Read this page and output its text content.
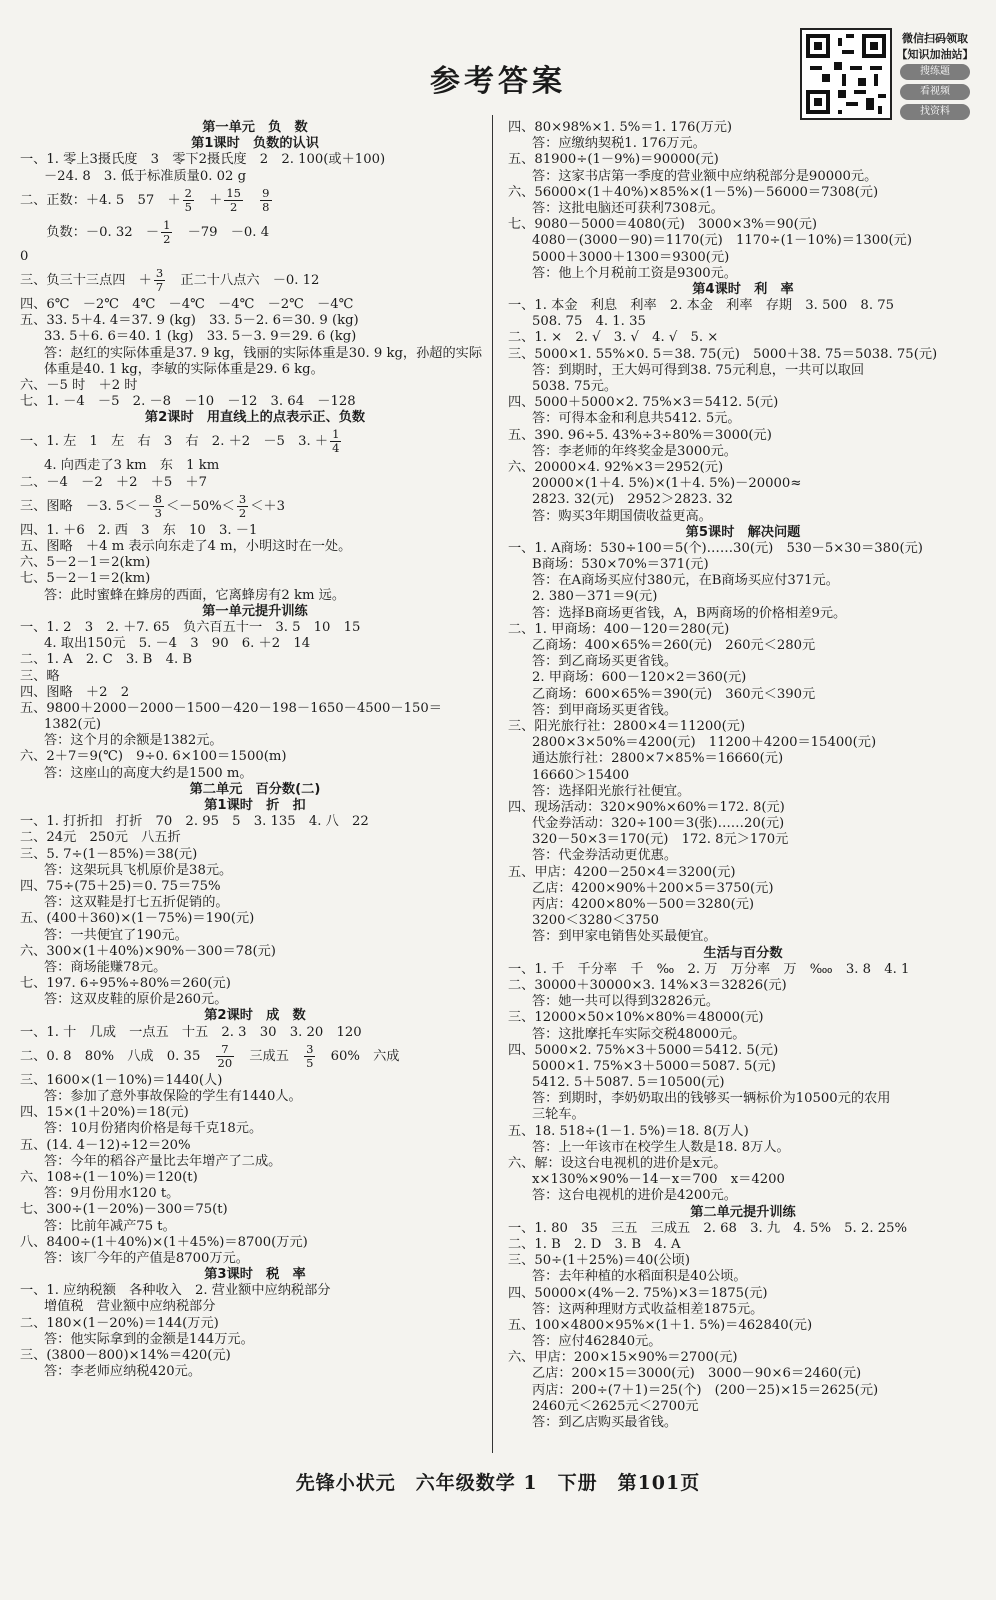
参考答案
微信扫码领取
【知识加油站】
搜练题
看视频
找资料
第一单元　负　数
第1课时　负数的认识
一、1. 零上3摄氏度　3　零下2摄氏度　2　2. 100(或＋100)
－24. 8　3. 低于标准质量0. 02 g
二、正数：＋4. 5　57　＋ $\frac{2}{5}$ 　＋ $\frac{15}{2}$
　 $\frac{9}{8}$
　　负数：－0. 32　－ $\frac{1}{2}$ 　－79　－0. 4
0
三、负三十三点四　＋ $\frac{3}{7}$ 　正二十八点六　－0. 12
四、6℃　－2℃　4℃　－4℃　－4℃　－2℃　－4℃
五、33. 5＋4. 4＝37. 9 (kg)　33. 5－2. 6＝30. 9 (kg)
33. 5＋6. 6＝40. 1 (kg)　33. 5－3. 9＝29. 6 (kg)
答：赵红的实际体重是37. 9 kg，钱丽的实际体重是30. 9 kg，孙超的实际
体重是40. 1 kg，李敏的实际体重是29. 6 kg。
六、－5 时　＋2 时
七、1. －4　－5　2. －8　－10　－12　3. 64　－128
第2课时　用直线上的点表示正、负数
一、1. 左　1　左　右　3　右　2. ＋2　－5　3. ＋ $\frac{1}{4}$
4. 向西走了3 km　东　1 km
二、－4　－2　＋2　＋5　＋7
三、图略　－3. $5<- \frac{8}{3} <-50\%< \frac{3}{2} <+3$
四、1. ＋6　2. 西　3　东　10　3. －1
五、图略　＋4 m 表示向东走了4 m，小明这时在一处。
六、5－2－1＝2(km)
七、5－2－1＝2(km)
答：此时蜜蜂在蜂房的西面，它离蜂房有2 km 远。
第一单元提升训练
一、1. 2　3　2. ＋7. 65　负六百五十一　3. 5　10　15
4. 取出150元　5. －4　3　90　6. ＋2　14
二、1. A　2. C　3. B　4. B
三、略
四、图略　＋2　2
五、9800＋2000－2000－1500－420－198－1650－4500－150＝
1382(元)
答：这个月的余额是1382元。
六、2＋7＝9(℃)　9÷0. 6×100＝1500(m)
答：这座山的高度大约是1500 m。
第二单元　百分数(二)
第1课时　折　扣
一、1. 打折扣　打折　70　2. 95　5　3. 135　4. 八　22
二、24元　250元　八五折
三、5. 7÷(1－85%)＝38(元)
答：这架玩具飞机原价是38元。
四、75÷(75＋25)＝0. 75＝75%
答：这双鞋是打七五折促销的。
五、(400＋360)×(1－75%)＝190(元)
答：一共便宜了190元。
六、300×(1＋40%)×90%－300＝78(元)
答：商场能赚78元。
七、197. 6÷95%÷80%＝260(元)
答：这双皮鞋的原价是260元。
第2课时　成　数
一、1. 十　几成　一点五　十五　2. 3　30　3. 20　120
二、0. 8　80%　八成　0. 35　 $\frac{7}{20}$ 　三成五　 $\frac{3}{5}$ 　60%　六成
三、1600×(1－10%)＝1440(人)
答：参加了意外事故保险的学生有1440人。
四、15×(1＋20%)＝18(元)
答：10月份猪肉价格是每千克18元。
五、(14. 4－12)÷12＝20%
答：今年的稻谷产量比去年增产了二成。
六、108÷(1－10%)＝120(t)
答：9月份用水120 t。
七、300÷(1－20%)－300＝75(t)
答：比前年减产75 t。
八、8400÷(1＋40%)×(1＋45%)＝8700(万元)
答：该厂今年的产值是8700万元。
第3课时　税　率
一、1. 应纳税额　各种收入　2. 营业额中应纳税部分
增值税　营业额中应纳税部分
二、180×(1－20%)＝144(万元)
答：他实际拿到的金额是144万元。
三、(3800－800)×14%＝420(元)
答：李老师应纳税420元。
四、80×98%×1. 5%＝1. 176(万元)
答：应缴纳契税1. 176万元。
五、81900÷(1－9%)＝90000(元)
答：这家书店第一季度的营业额中应纳税部分是90000元。
六、56000×(1＋40%)×85%×(1－5%)－56000＝7308(元)
答：这批电脑还可获利7308元。
七、9080－5000＝4080(元)　3000×3%＝90(元)
4080－(3000－90)＝1170(元)　1170÷(1－10%)＝1300(元)
5000＋3000＋1300＝9300(元)
答：他上个月税前工资是9300元。
第4课时　利　率
一、1. 本金　利息　利率　2. 本金　利率　存期　3. 500　8. 75
508. 75　4. 1. 35
二、1. ×　2. √　3. √　4. √　5. ×
三、5000×1. 55%×0. 5＝38. 75(元)　5000＋38. 75＝5038. 75(元)
答：到期时，王大妈可得到38. 75元利息，一共可以取回
5038. 75元。
四、5000＋5000×2. 75%×3＝5412. 5(元)
答：可得本金和利息共5412. 5元。
五、390. 96÷5. 43%÷3÷80%＝3000(元)
答：李老师的年终奖金是3000元。
六、20000×4. 92%×3＝2952(元)
20000×(1＋4. 5%)×(1＋4. 5%)－20000≈
2823. 32(元)　2952＞2823. 32
答：购买3年期国债收益更高。
第5课时　解决问题
一、1. A商场：530÷100＝5(个)……30(元)　530－5×30＝380(元)
B商场：530×70%＝371(元)
答：在A商场买应付380元，在B商场买应付371元。
2. 380－371＝9(元)
答：选择B商场更省钱，A，B两商场的价格相差9元。
二、1. 甲商场：400－120＝280(元)
乙商场：400×65%＝260(元)　260元＜280元
答：到乙商场买更省钱。
2. 甲商场：600－120×2＝360(元)
乙商场：600×65%＝390(元)　360元＜390元
答：到甲商场买更省钱。
三、阳光旅行社：2800×4＝11200(元)
2800×3×50%＝4200(元)　11200＋4200＝15400(元)
通达旅行社：2800×7×85%＝16660(元)
16660＞15400
答：选择阳光旅行社便宜。
四、现场活动：320×90%×60%＝172. 8(元)
代金券活动：320÷100＝3(张)……20(元)
320－50×3＝170(元)　172. 8元＞170元
答：代金券活动更优惠。
五、甲店：4200－250×4＝3200(元)
乙店：4200×90%＋200×5＝3750(元)
丙店：4200×80%－500＝3280(元)
3200＜3280＜3750
答：到甲家电销售处买最便宜。
生活与百分数
一、1. 千　千分率　千　‰　2. 万　万分率　万　‱　3. 8　4. 1
二、30000＋30000×3. 14%×3＝32826(元)
答：她一共可以得到32826元。
三、12000×50×10%×80%＝48000(元)
答：这批摩托车实际交税48000元。
四、5000×2. 75%×3＋5000＝5412. 5(元)
5000×1. 75%×3＋5000＝5087. 5(元)
5412. 5＋5087. 5＝10500(元)
答：到期时，李奶奶取出的钱够买一辆标价为10500元的农用
三轮车。
五、18. 518÷(1－1. 5%)＝18. 8(万人)
答：上一年该市在校学生人数是18. 8万人。
六、解：设这台电视机的进价是x元。
x×130%×90%－14－x＝700　x＝4200
答：这台电视机的进价是4200元。
第二单元提升训练
一、1. 80　35　三五　三成五　2. 68　3. 九　4. 5%　5. 2. 25%
二、1. B　2. D　3. B　4. A
三、50÷(1＋25%)＝40(公顷)
答：去年种植的水稻面积是40公顷。
四、50000×(4%－2. 75%)×3＝1875(元)
答：这两种理财方式收益相差1875元。
五、100×4800×95%×(1＋1. 5%)＝462840(元)
答：应付462840元。
六、甲店：200×15×90%＝2700(元)
乙店：200×15＝3000(元)　3000－90×6＝2460(元)
丙店：200÷(7＋1)＝25(个)　(200－25)×15＝2625(元)
2460元＜2625元＜2700元
答：到乙店购买最省钱。
先锋小状元　六年级数学 1　下册　第101页
